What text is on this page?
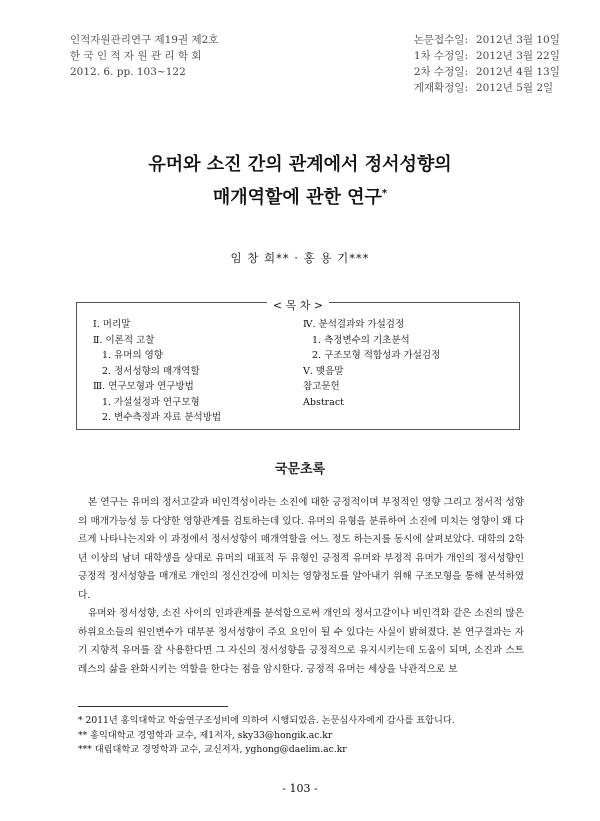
인적자원관리연구 제19권 제2호
한 국 인 적 자 원 관 리 학 회
2012. 6. pp. 103~122
논문접수일: 2012년 3월 10일
1차 수정일: 2012년 3월 22일
2차 수정일: 2012년 4월 13일
게재확정일: 2012년 5월 2일
유머와 소진 간의 관계에서 정서성향의
매개역할에 관한 연구*
임 창 희** · 홍 용 기***
< 목 차 >
Ⅰ. 머리말
Ⅱ. 이론적 고찰
1. 유머의 영향
2. 정서성향의 매개역할
Ⅲ. 연구모형과 연구방법
1. 가설설정과 연구모형
2. 변수측정과 자료 분석방법
Ⅳ. 분석결과와 가설검정
1. 측정변수의 기초분석
2. 구조모형 적합성과 가설검정
Ⅴ. 맺음말
참고문헌
Abstract
국문초록

본 연구는 유머의 정서고갈과 비인격성이라는 소진에 대한 긍정적이며 부정적인 영향 그리고 정서적 성향의 매개가능성 등 다양한 영향관계를 검토하는데 있다. 유머의 유형을 분류하여 소진에 미치는 영향이 왜 다르게 나타나는지와 이 과정에서 정서성향이 매개역할을 어느 정도 하는지를 동시에 살펴보았다. 대학의 2학년 이상의 남녀 대학생을 상대로 유머의 대표적 두 유형인 긍정적 유머와 부정적 유머가 개인의 정서성향인 긍정적 정서성향을 매개로 개인의 정신건강에 미치는 영향정도를 알아내기 위해 구조모형을 통해 분석하였다.

유머와 정서성향, 소진 사이의 인과관계를 분석함으로써 개인의 정서고갈이나 비인격화 같은 소진의 많은 하위요소들의 원인변수가 대부분 정서성향이 주요 요인이 될 수 있다는 사실이 밝혀졌다. 본 연구결과는 자기 지향적 유머를 잘 사용한다면 그 자신의 정서성향을 긍정적으로 유지시키는데 도움이 되며, 소진과 스트레스의 삶을 완화시키는 역할을 한다는 점을 암시한다. 긍정적 유머는 세상을 낙관적으로 보

* 2011년 홍익대학교 학술연구조성비에 의하여 시행되었음. 논문심사자에게 감사를 표합니다.
** 홍익대학교 경영학과 교수, 제1저자, sky33@hongik.ac.kr
*** 대림대학교 경영학과 교수, 교신저자, yghong@daelim.ac.kr
- 103 -
